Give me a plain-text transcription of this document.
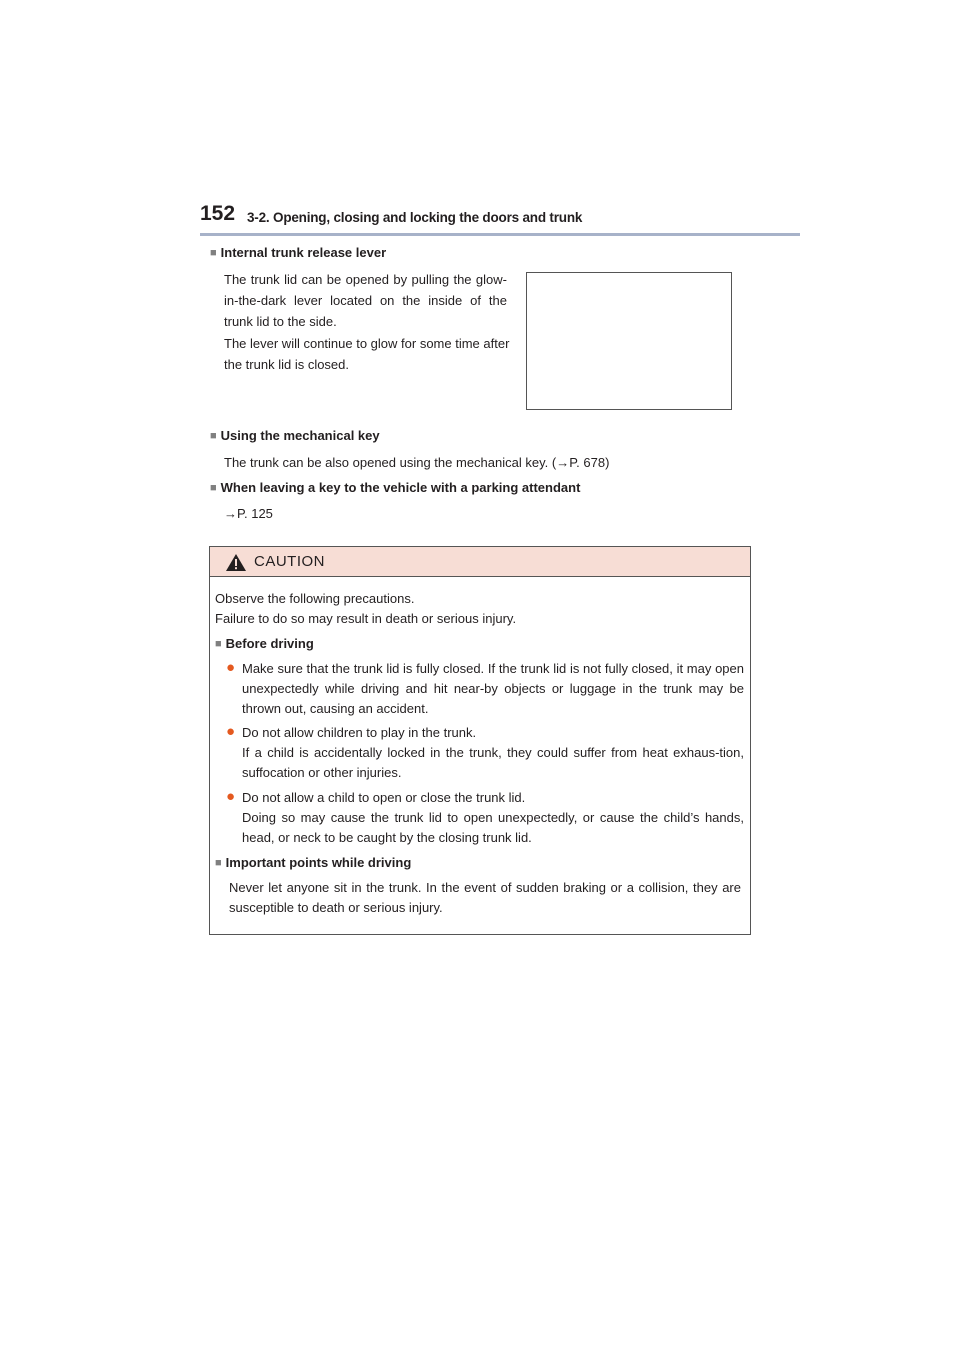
152 3-2. Opening, closing and locking the doors and trunk
■ Internal trunk release lever
The trunk lid can be opened by pulling the glow-in-the-dark lever located on the inside of the trunk lid to the side.
The lever will continue to glow for some time after the trunk lid is closed.
■ Using the mechanical key
The trunk can be also opened using the mechanical key. (→P. 678)
■ When leaving a key to the vehicle with a parking attendant
→P. 125
CAUTION
Observe the following precautions.
Failure to do so may result in death or serious injury.
■ Before driving
● Make sure that the trunk lid is fully closed. If the trunk lid is not fully closed, it may open unexpectedly while driving and hit near-by objects or luggage in the trunk may be thrown out, causing an accident.
● Do not allow children to play in the trunk.
If a child is accidentally locked in the trunk, they could suffer from heat exhaus-tion, suffocation or other injuries.
● Do not allow a child to open or close the trunk lid.
Doing so may cause the trunk lid to open unexpectedly, or cause the child’s hands, head, or neck to be caught by the closing trunk lid.
■ Important points while driving
Never let anyone sit in the trunk. In the event of sudden braking or a collision, they are susceptible to death or serious injury.
